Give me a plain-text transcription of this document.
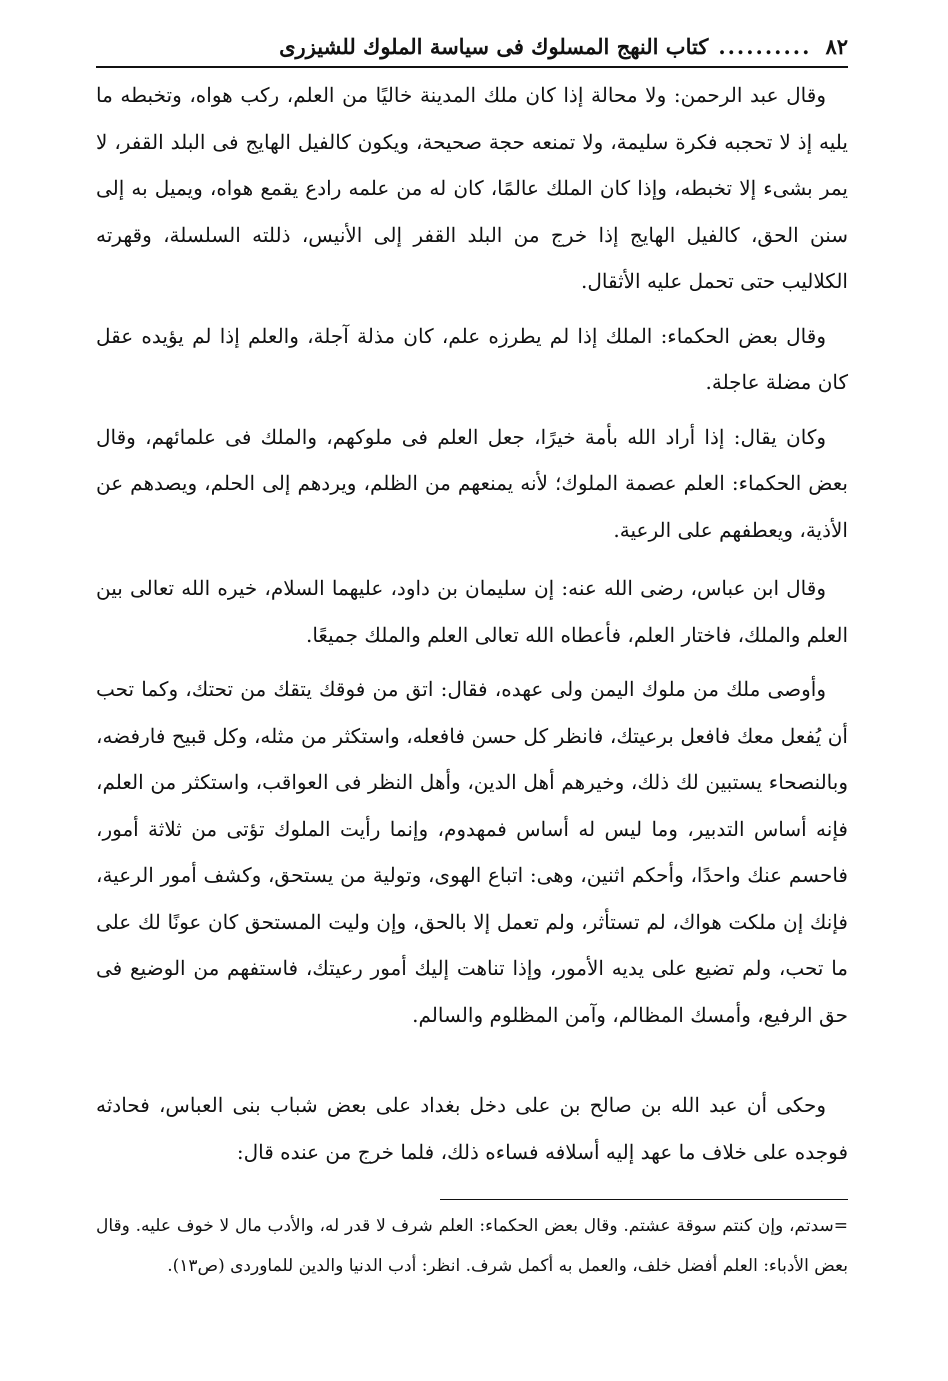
٨٢..........كتاب النهج المسلوك فى سياسة الملوك للشيزرى

وقال عبد الرحمن: ولا محالة إذا كان ملك المدينة خاليًا من العلم، ركب هواه، وتخبطه ما يليه إذ لا تحجبه فكرة سليمة، ولا تمنعه حجة صحيحة، ويكون كالفيل الهايج فى البلد القفر، لا يمر بشىء إلا تخبطه، وإذا كان الملك عالمًا، كان له من علمه رادع يقمع هواه، ويميل به إلى سنن الحق، كالفيل الهايج إذا خرج من البلد القفر إلى الأنيس، ذللته السلسلة، وقهرته الكلاليب حتى تحمل عليه الأثقال.

وقال بعض الحكماء: الملك إذا لم يطرزه علم، كان مذلة آجلة، والعلم إذا لم يؤيده عقل كان مضلة عاجلة.

وكان يقال: إذا أراد الله بأمة خيرًا، جعل العلم فى ملوكهم، والملك فى علمائهم، وقال بعض الحكماء: العلم عصمة الملوك؛ لأنه يمنعهم من الظلم، ويردهم إلى الحلم، ويصدهم عن الأذية، ويعطفهم على الرعية.

وقال ابن عباس، رضى الله عنه: إن سليمان بن داود، عليهما السلام، خيره الله تعالى بين العلم والملك، فاختار العلم، فأعطاه الله تعالى العلم والملك جميعًا.

وأوصى ملك من ملوك اليمن ولى عهده، فقال: اتق من فوقك يتقك من تحتك، وكما تحب أن يُفعل معك فافعل برعيتك، فانظر كل حسن فافعله، واستكثر من مثله، وكل قبيح فارفضه، وبالنصحاء يستبين لك ذلك، وخيرهم أهل الدين، وأهل النظر فى العواقب، واستكثر من العلم، فإنه أساس التدبير، وما ليس له أساس فمهدوم، وإنما رأيت الملوك تؤتى من ثلاثة أمور، فاحسم عنك واحدًا، وأحكم اثنين، وهى: اتباع الهوى، وتولية من يستحق، وكشف أمور الرعية، فإنك إن ملكت هواك، لم تستأثر، ولم تعمل إلا بالحق، وإن وليت المستحق كان عونًا لك على ما تحب، ولم تضيع على يديه الأمور، وإذا تناهت إليك أمور رعيتك، فاستفهم من الوضيع فى حق الرفيع، وأمسك المظالم، وآمن المظلوم والسالم.

وحكى أن عبد الله بن صالح بن على دخل بغداد على بعض شباب بنى العباس، فحادثه فوجده على خلاف ما عهد إليه أسلافه فساءه ذلك، فلما خرج من عنده قال:

=سدتم، وإن كنتم سوقة عشتم. وقال بعض الحكماء: العلم شرف لا قدر له، والأدب مال لا خوف عليه. وقال بعض الأدباء: العلم أفضل خلف، والعمل به أكمل شرف. انظر: أدب الدنيا والدين للماوردى (ص١٣).
